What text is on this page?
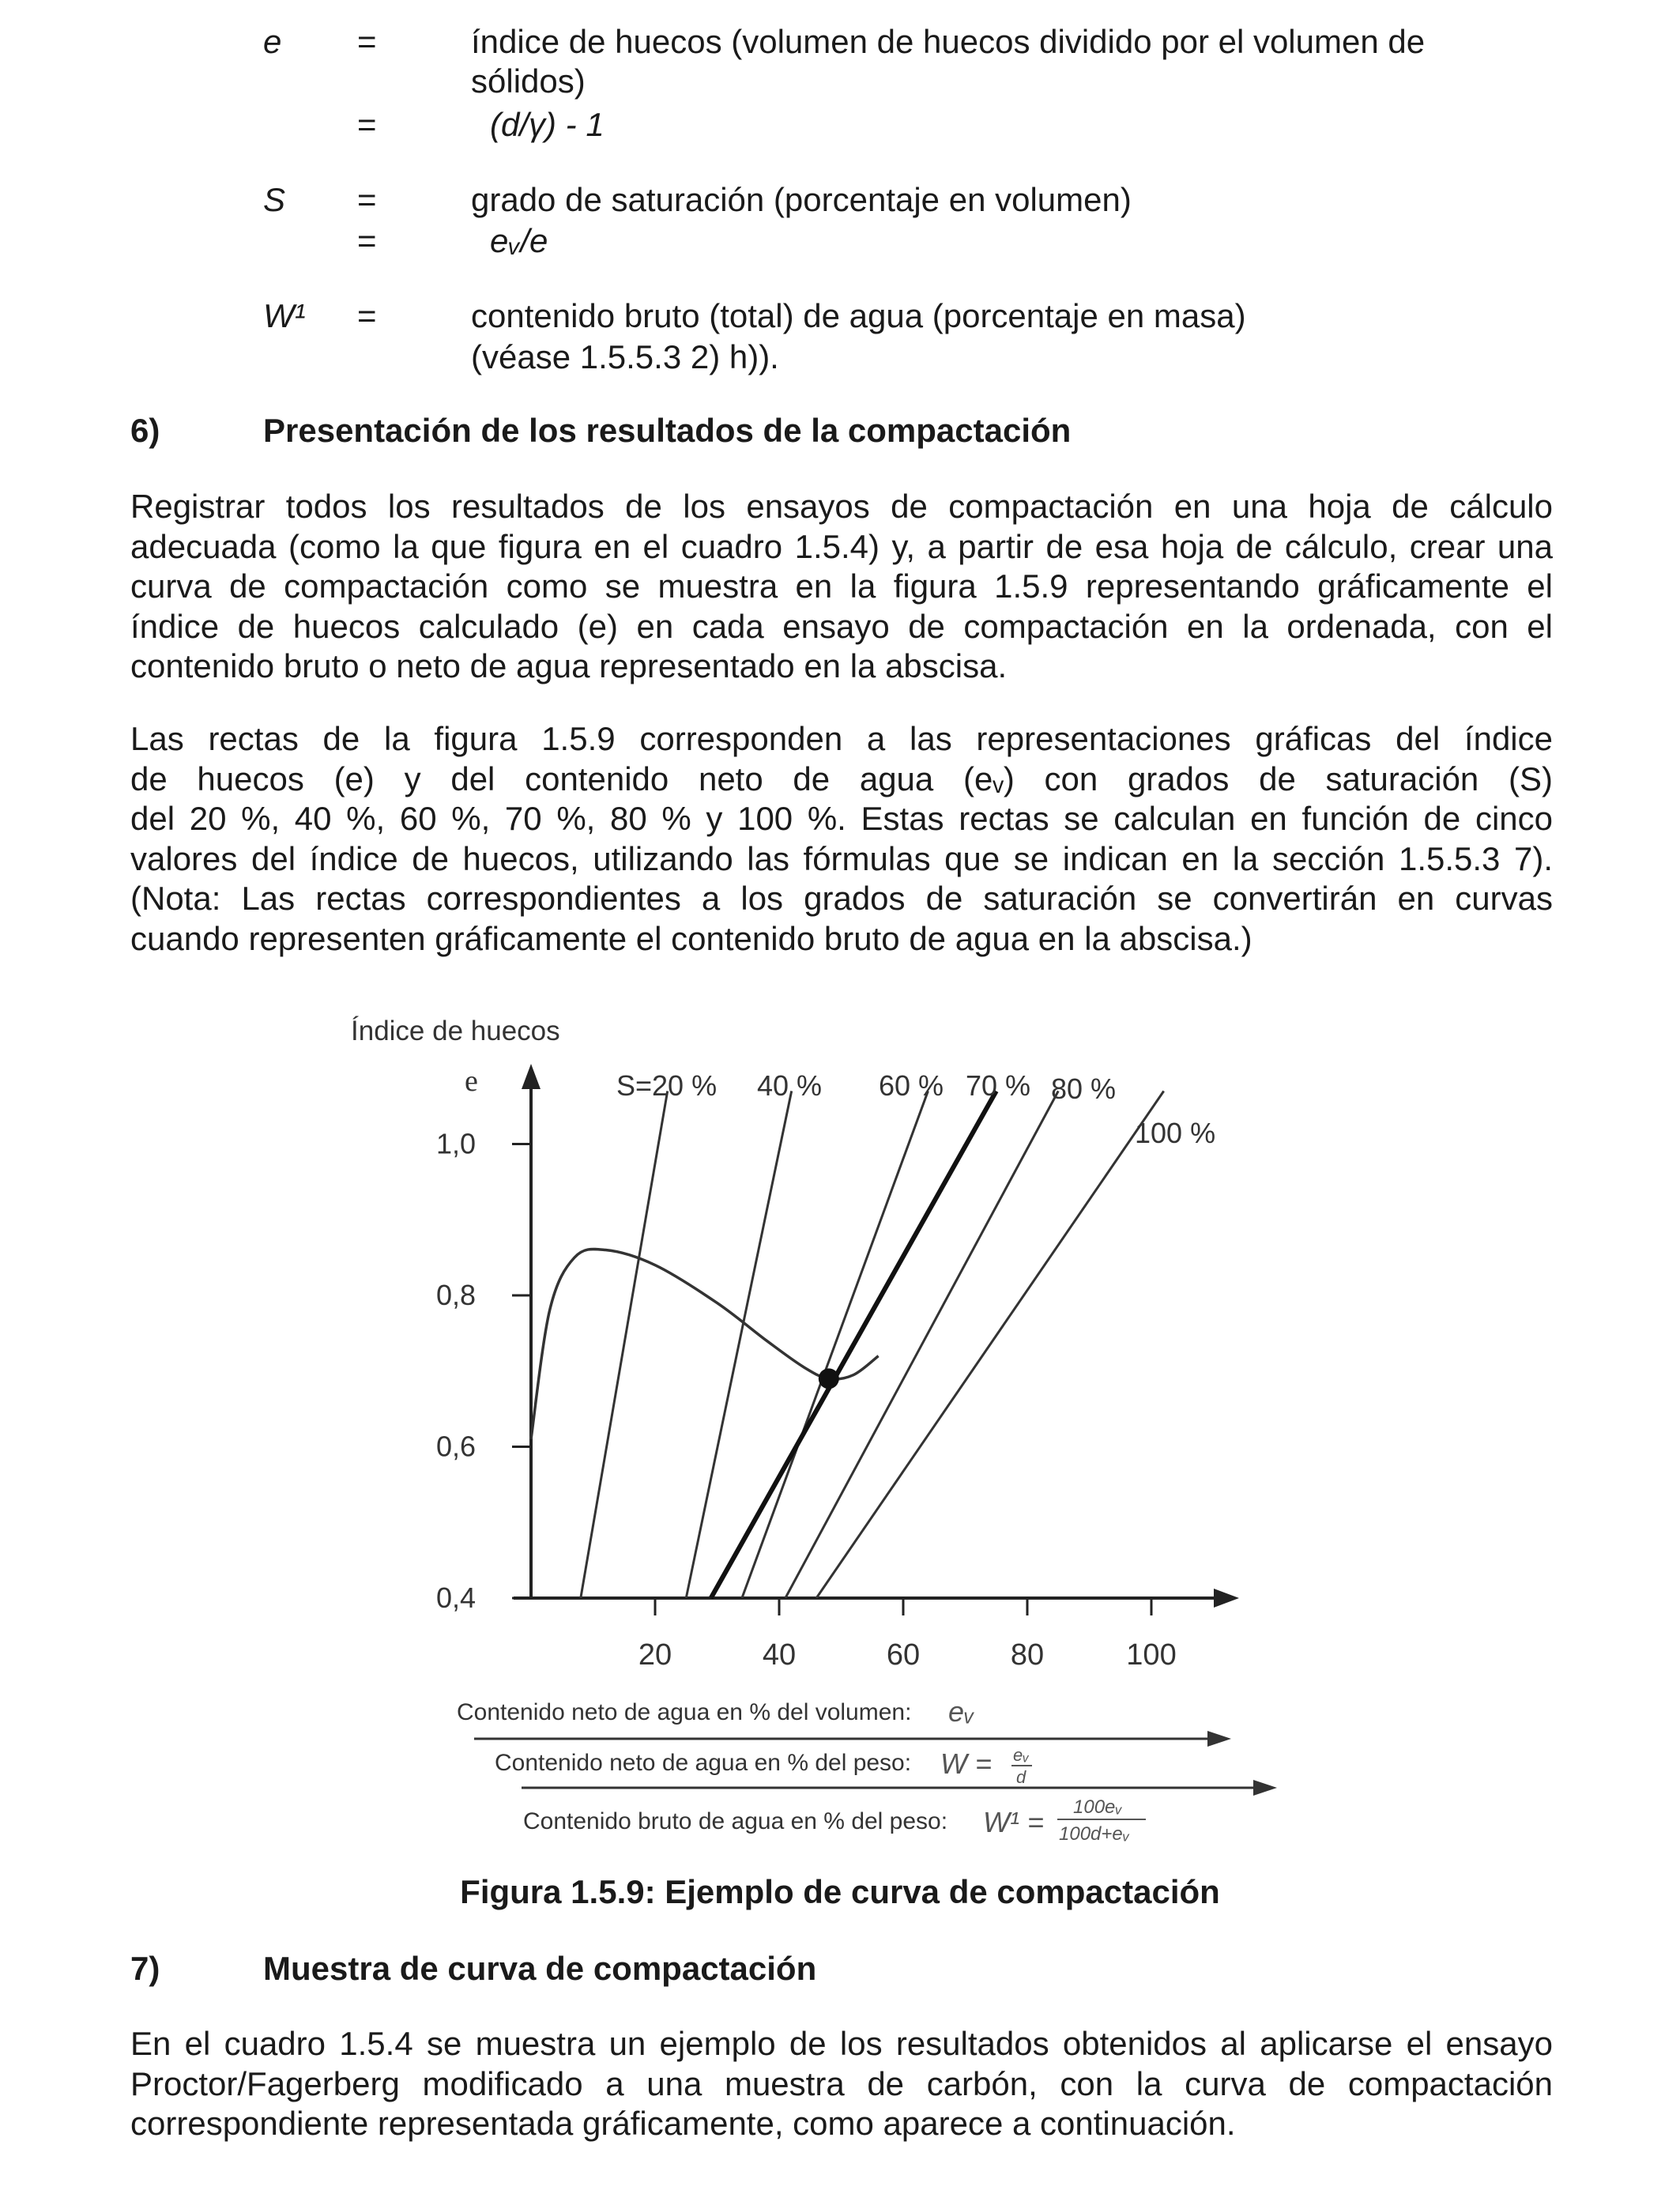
e =	índice de huecos (volumen de huecos dividido por el volumen de
sólidos)
=	(d/γ) - 1
S =	grado de saturación (porcentaje en volumen)
=	eᵥ/e
W¹ =	contenido bruto (total) de agua (porcentaje en masa)
(véase 1.5.5.3 2) h)).
6)	Presentación de los resultados de la compactación
Registrar todos los resultados de los ensayos de compactación en una hoja de cálculo
adecuada (como la que figura en el cuadro 1.5.4) y, a partir de esa hoja de cálculo, crear una
curva de compactación como se muestra en la figura 1.5.9 representando gráficamente el
índice de huecos calculado (e) en cada ensayo de compactación en la ordenada, con el
contenido bruto o neto de agua representado en la abscisa.
Las rectas de la figura 1.5.9 corresponden a las representaciones gráficas del índice
de huecos (e) y del contenido neto de agua (eᵥ) con grados de saturación (S)
del 20 %, 40 %, 60 %, 70 %, 80 % y 100 %. Estas rectas se calculan en función de cinco
valores del índice de huecos, utilizando las fórmulas que se indican en la sección 1.5.5.3 7).
(Nota: Las rectas correspondientes a los grados de saturación se convertirán en curvas
cuando representen gráficamente el contenido bruto de agua en la abscisa.)
Índice de huecos
e
1,0
0,8
0,6
0,4
20	40	60	80	100
S=20 % 40 % 60 % 70 % 80 %
100 %
Contenido neto de agua en % del volumen: eᵥ
Contenido neto de agua en % del peso: W = eᵥ
d
Contenido bruto de agua en % del peso: W¹ = 100eᵥ
100d+eᵥ
Figura 1.5.9: Ejemplo de curva de compactación
7)	Muestra de curva de compactación
En el cuadro 1.5.4 se muestra un ejemplo de los resultados obtenidos al aplicarse el ensayo
Proctor/Fagerberg modificado a una muestra de carbón, con la curva de compactación
correspondiente representada gráficamente, como aparece a continuación.
